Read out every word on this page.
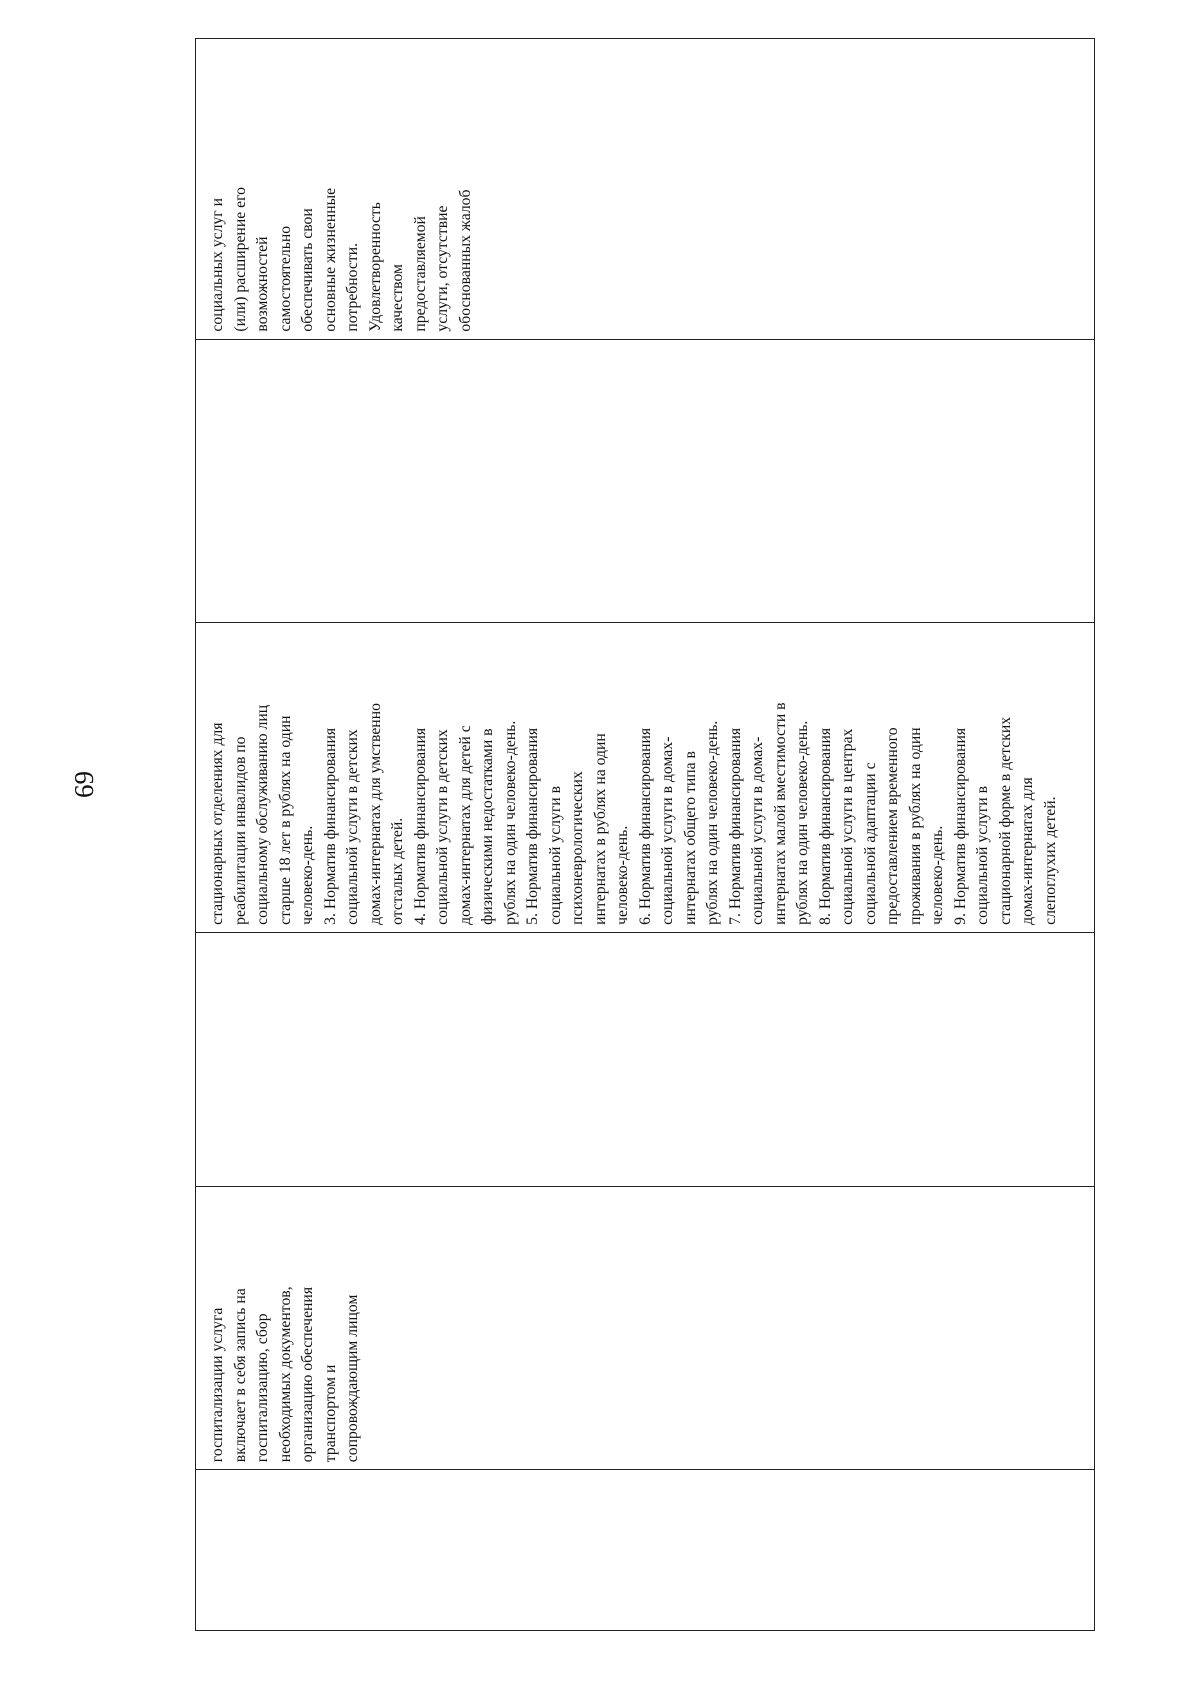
69
госпитализации услуга включает в себя запись на госпитализацию, сбор необходимых документов, организацию обеспечения транспортом и сопровождающим лицом
стационарных отделениях для реабилитации инвалидов по социальному обслуживанию лиц старше 18 лет в рублях на один человеко-день. 3. Норматив финансирования социальной услуги в детских домах-интернатах для умственно отсталых детей. 4. Норматив финансирования социальной услуги в детских домах-интернатах для детей с физическими недостатками в рублях на один человеко-день. 5. Норматив финансирования социальной услуги в психоневрологических интернатах в рублях на один человеко-день. 6. Норматив финансирования социальной услуги в домах- интернатах общего типа в рублях на один человеко-день. 7. Норматив финансирования социальной услуги в домах- интернатах малой вместимости в рублях на один человеко-день. 8. Норматив финансирования социальной услуги в центрах социальной адаптации с предоставлением временного проживания в рублях на один человеко-день. 9. Норматив финансирования социальной услуги в стационарной форме в детских домах-интернатах для слепоглухих детей.
социальных услуг и (или) расширение его возможностей самостоятельно обеспечивать свои основные жизненные потребности. Удовлетворенность качеством предоставляемой услуги, отсутствие обоснованных жалоб
